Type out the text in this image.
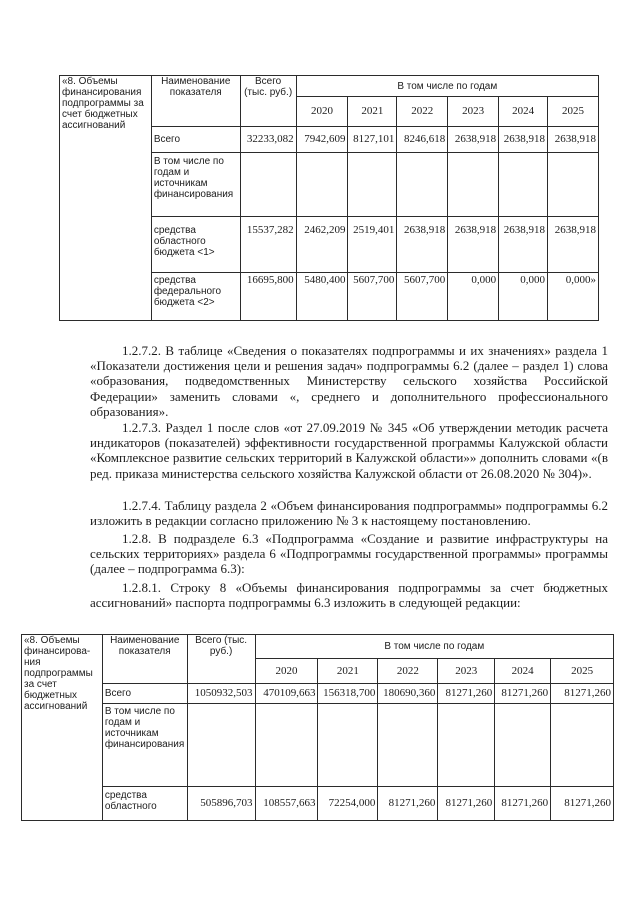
«8. Объемы финансирования подпрограммы за счет бюджетных ассигнований	Наименование показателя	Всего (тыс. руб.)	В том числе по годам					
			2020	2021	2022	2023	2024	2025
	Всего	32233,082	7942,609	8127,101	8246,618	2638,918	2638,918	2638,918
	В том числе по годам и источникам финансирования							
	средства областного бюджета <1>	15537,282	2462,209	2519,401	2638,918	2638,918	2638,918	2638,918
	средства федерального бюджета <2>	16695,800	5480,400	5607,700	5607,700	0,000	0,000	0,000»

1.2.7.2. В таблице «Сведения о показателях подпрограммы и их значениях» раздела 1 «Показатели достижения цели и решения задач» подпрограммы 6.2 (далее – раздел 1) слова «образования, подведомственных Министерству сельского хозяйства Российской Федерации» заменить словами «, среднего и дополнительного профессионального образования».

1.2.7.3. Раздел 1 после слов «от 27.09.2019 № 345 «Об утверждении методик расчета индикаторов (показателей) эффективности государственной программы Калужской области «Комплексное развитие сельских территорий в Калужской области»» дополнить словами «(в ред. приказа министерства сельского хозяйства Калужской области от 26.08.2020 № 304)».

1.2.7.4. Таблицу раздела 2 «Объем финансирования подпрограммы» подпрограммы 6.2 изложить в редакции согласно приложению № 3 к настоящему постановлению.

1.2.8. В подразделе 6.3 «Подпрограмма «Создание и развитие инфраструктуры на сельских территориях» раздела 6 «Подпрограммы государственной программы» программы (далее – подпрограмма 6.3):

1.2.8.1. Строку 8 «Объемы финансирования подпрограммы за счет бюджетных ассигнований» паспорта подпрограммы 6.3 изложить в следующей редакции:

«8. Объемы финансирования подпрограммы за счет бюджетных ассигнований	Наименование показателя	Всего (тыс. руб.)	В том числе по годам					
			2020	2021	2022	2023	2024	2025
	Всего	1050932,503	470109,663	156318,700	180690,360	81271,260	81271,260	81271,260
	В том числе по годам и источникам финансирования							
	средства областного	505896,703	108557,663	72254,000	81271,260	81271,260	81271,260	81271,260
